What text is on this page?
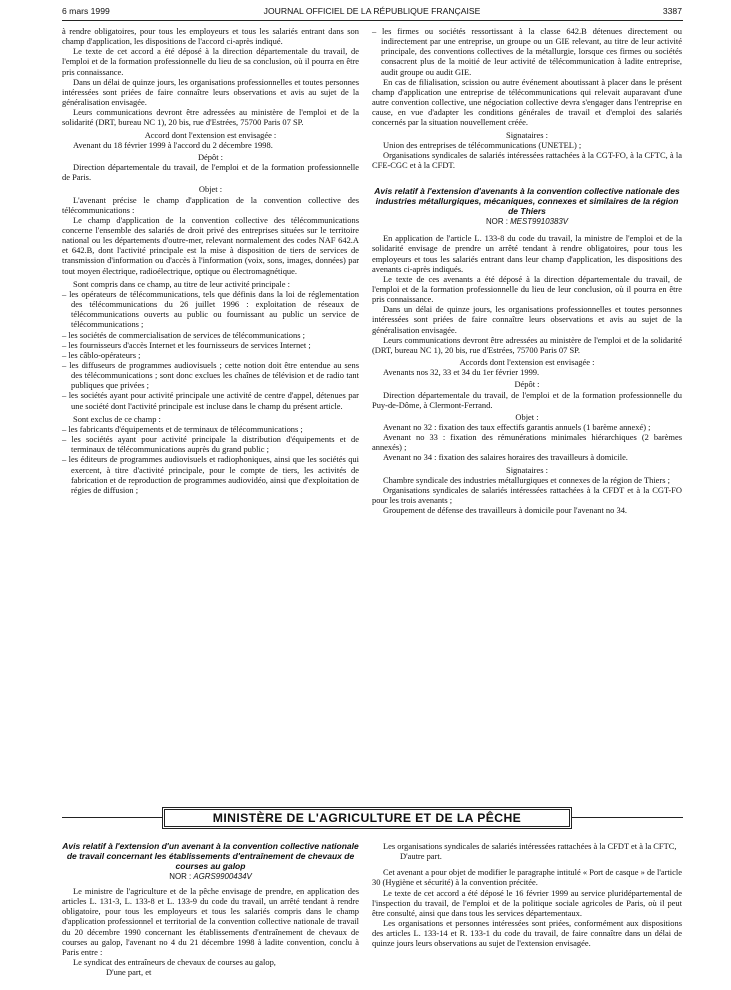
6 mars 1999	JOURNAL OFFICIEL DE LA RÉPUBLIQUE FRANÇAISE	3387

à rendre obligatoires, pour tous les employeurs et tous les salariés entrant dans son champ d'application, les dispositions de l'accord ci-après indiqué.

Le texte de cet accord a été déposé à la direction départementale du travail, de l'emploi et de la formation professionnelle du lieu de sa conclusion, où il pourra en être pris connaissance.

Dans un délai de quinze jours, les organisations professionnelles et toutes personnes intéressées sont priées de faire connaître leurs observations et avis au sujet de la généralisation envisagée.

Leurs communications devront être adressées au ministère de l'emploi et de la solidarité (DRT, bureau NC 1), 20 bis, rue d'Estrées, 75700 Paris 07 SP.

Accord dont l'extension est envisagée :

Avenant du 18 février 1999 à l'accord du 2 décembre 1998.

Dépôt :

Direction départementale du travail, de l'emploi et de la formation professionnelle de Paris.

Objet :

L'avenant précise le champ d'application de la convention collective des télécommunications :

Le champ d'application de la convention collective des télécommunications concerne l'ensemble des salariés de droit privé des entreprises situées sur le territoire national ou les départements d'outre-mer, relevant normalement des codes NAF 642.A et 642.B, dont l'activité principale est la mise à disposition de tiers de services de transmission d'information ou d'accès à l'information (voix, sons, images, données) par tout moyen électrique, radioélectrique, optique ou électromagnétique.

Sont compris dans ce champ, au titre de leur activité principale :

– les opérateurs de télécommunications, tels que définis dans la loi de réglementation des télécommunications du 26 juillet 1996 : exploitation de réseaux de télécommunications ouverts au public ou fournissant au public un service de télécommunications ;

– les sociétés de commercialisation de services de télécommunications ;

– les fournisseurs d'accès Internet et les fournisseurs de services Internet ;

– les câblo-opérateurs ;

– les diffuseurs de programmes audiovisuels ; cette notion doit être entendue au sens des télécommunications ; sont donc exclues les chaînes de télévision et de radio tant publiques que privées ;

– les sociétés ayant pour activité principale une activité de centre d'appel, détenues par une société dont l'activité principale est incluse dans le champ du présent article.

Sont exclus de ce champ :

– les fabricants d'équipements et de terminaux de télécommunications ;

– les sociétés ayant pour activité principale la distribution d'équipements et de terminaux de télécommunications auprès du grand public ;

– les éditeurs de programmes audiovisuels et radiophoniques, ainsi que les sociétés qui exercent, à titre d'activité principale, pour le compte de tiers, les activités de fabrication et de reproduction de programmes audiovidéo, ainsi que d'exploitation de régies de diffusion ;

– les firmes ou sociétés ressortissant à la classe 642.B détenues directement ou indirectement par une entreprise, un groupe ou un GIE relevant, au titre de leur activité principale, des conventions collectives de la métallurgie, lorsque ces firmes ou sociétés consacrent plus de la moitié de leur activité de télécommunication à ladite entreprise, audit groupe ou audit GIE.

En cas de filialisation, scission ou autre événement aboutissant à placer dans le présent champ d'application une entreprise de télécommunications qui relevait auparavant d'une autre convention collective, une négociation collective devra s'engager dans l'entreprise en cause, en vue d'adapter les conditions générales de travail et d'emploi des salariés concernés par la situation nouvellement créée.

Signataires :

Union des entreprises de télécommunications (UNETEL) ;

Organisations syndicales de salariés intéressées rattachées à la CGT-FO, à la CFTC, à la CFE-CGC et à la CFDT.

Avis relatif à l'extension d'avenants à la convention collective nationale des industries métallurgiques, mécaniques, connexes et similaires de la région de Thiers

NOR : MEST9910383V

En application de l'article L. 133-8 du code du travail, la ministre de l'emploi et de la solidarité envisage de prendre un arrêté tendant à rendre obligatoires, pour tous les employeurs et tous les salariés entrant dans leur champ d'application, les dispositions des avenants ci-après indiqués.

Le texte de ces avenants a été déposé à la direction départementale du travail, de l'emploi et de la formation professionnelle du lieu de leur conclusion, où il pourra en être pris connaissance.

Dans un délai de quinze jours, les organisations professionnelles et toutes personnes intéressées sont priées de faire connaître leurs observations et avis au sujet de la généralisation envisagée.

Leurs communications devront être adressées au ministère de l'emploi et de la solidarité (DRT, bureau NC 1), 20 bis, rue d'Estrées, 75700 Paris 07 SP.

Accords dont l'extension est envisagée :

Avenants nos 32, 33 et 34 du 1er février 1999.

Dépôt :

Direction départementale du travail, de l'emploi et de la formation professionnelle du Puy-de-Dôme, à Clermont-Ferrand.

Objet :

Avenant no 32 : fixation des taux effectifs garantis annuels (1 barème annexé) ;

Avenant no 33 : fixation des rémunérations minimales hiérarchiques (2 barèmes annexés) ;

Avenant no 34 : fixation des salaires horaires des travailleurs à domicile.

Signataires :

Chambre syndicale des industries métallurgiques et connexes de la région de Thiers ;

Organisations syndicales de salariés intéressées rattachées à la CFDT et à la CGT-FO pour les trois avenants ;

Groupement de défense des travailleurs à domicile pour l'avenant no 34.

MINISTÈRE DE L'AGRICULTURE ET DE LA PÊCHE

Avis relatif à l'extension d'un avenant à la convention collective nationale de travail concernant les établissements d'entraînement de chevaux de courses au galop

NOR : AGRS9900434V

Le ministre de l'agriculture et de la pêche envisage de prendre, en application des articles L. 131-3, L. 133-8 et L. 133-9 du code du travail, un arrêté tendant à rendre obligatoire, pour tous les employeurs et tous les salariés compris dans le champ d'application professionnel et territorial de la convention collective nationale de travail du 20 décembre 1990 concernant les établissements d'entraînement de chevaux de courses au galop, l'avenant no 4 du 21 décembre 1998 à ladite convention, conclu à Paris entre :

Le syndicat des entraîneurs de chevaux de courses au galop,

D'une part, et

Les organisations syndicales de salariés intéressées rattachées à la CFDT et à la CFTC,

D'autre part.

Cet avenant a pour objet de modifier le paragraphe intitulé « Port de casque » de l'article 30 (Hygiène et sécurité) à la convention précitée.

Le texte de cet accord a été déposé le 16 février 1999 au service pluridépartemental de l'inspection du travail, de l'emploi et de la politique sociale agricoles de Paris, où il peut être consulté, ainsi que dans tous les services départementaux.

Les organisations et personnes intéressées sont priées, conformément aux dispositions des articles L. 133-14 et R. 133-1 du code du travail, de faire connaître dans un délai de quinze jours leurs observations au sujet de l'extension envisagée.
